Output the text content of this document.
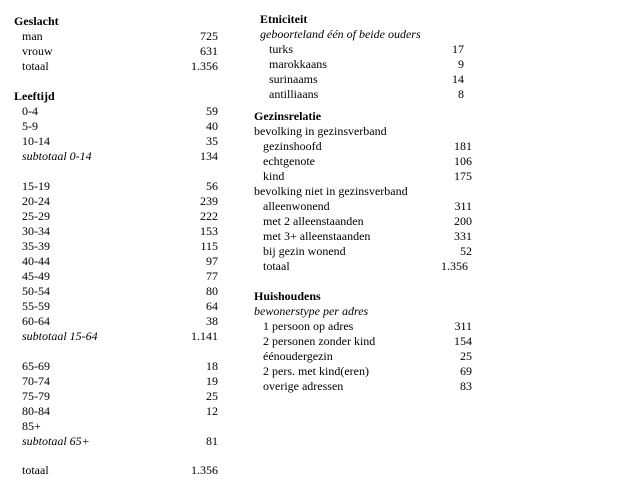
Geslacht
man	725
vrouw	631
totaal	1.356
Leeftijd
0-4	59
5-9	40
10-14	35
subtotaal 0-14	134
15-19	56
20-24	239
25-29	222
30-34	153
35-39	115
40-44	97
45-49	77
50-54	80
55-59	64
60-64	38
subtotaal 15-64	1.141
65-69	18
70-74	19
75-79	25
80-84	12
85+
subtotaal 65+	81
totaal	1.356
Etniciteit
geboorteland één of beide ouders
turks	17
marokkaans	9
surinaams	14
antilliaans	8
Gezinsrelatie
bevolking in gezinsverband
gezinshoofd	181
echtgenote	106
kind	175
bevolking niet in gezinsverband
alleenwonend	311
met 2 alleenstaanden	200
met 3+ alleenstaanden	331
bij gezin wonend	52
totaal	1.356
Huishoudens
bewonerstype per adres
1 persoon op adres	311
2 personen zonder kind	154
éénoudergezin	25
2 pers. met kind(eren)	69
overige adressen	83
